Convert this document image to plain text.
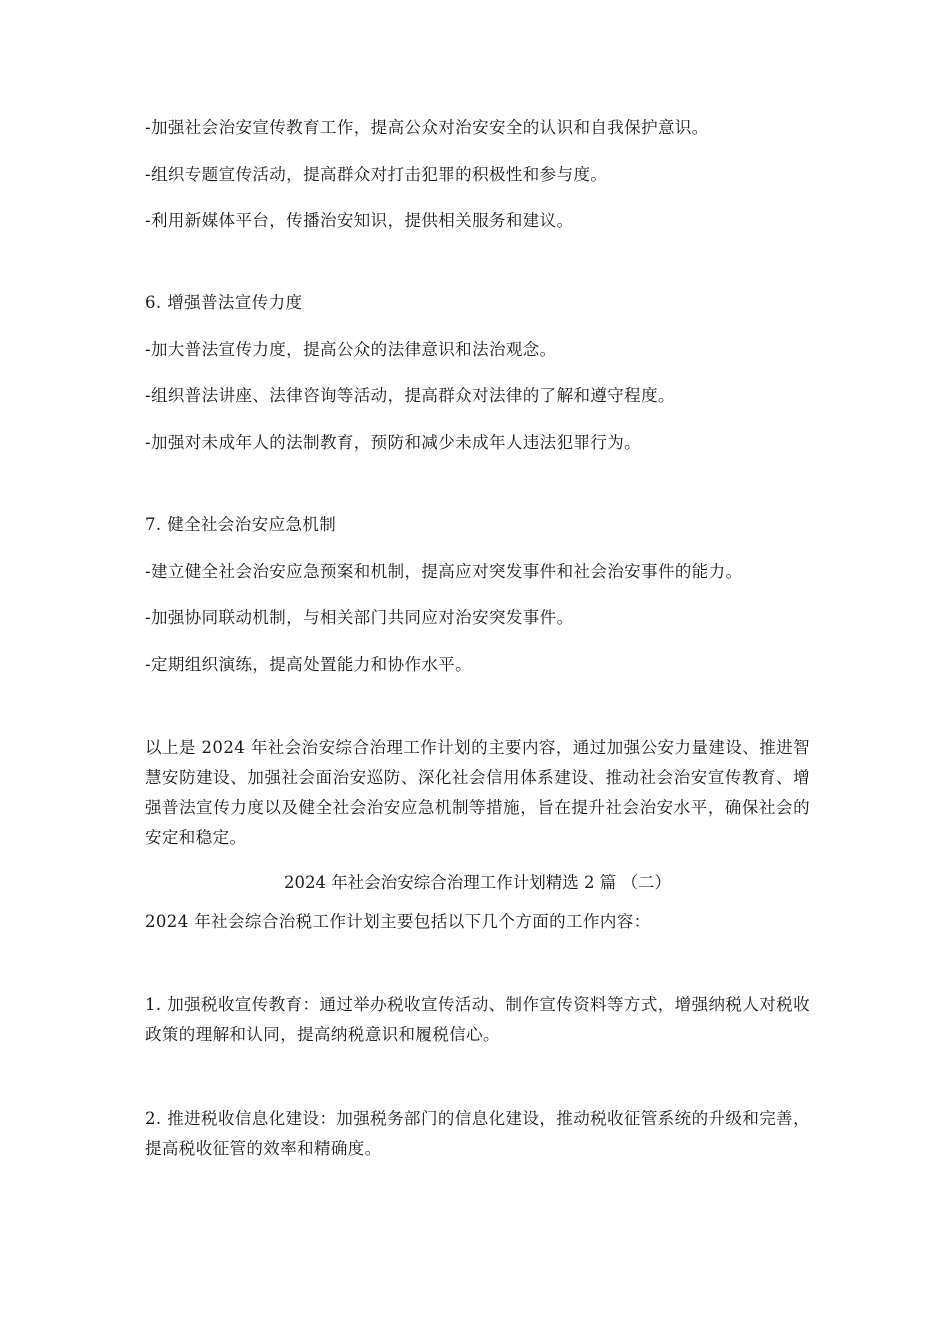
-加强社会治安宣传教育工作，提高公众对治安安全的认识和自我保护意识。
-组织专题宣传活动，提高群众对打击犯罪的积极性和参与度。
-利用新媒体平台，传播治安知识，提供相关服务和建议。
6. 增强普法宣传力度
-加大普法宣传力度，提高公众的法律意识和法治观念。
-组织普法讲座、法律咨询等活动，提高群众对法律的了解和遵守程度。
-加强对未成年人的法制教育，预防和减少未成年人违法犯罪行为。
7. 健全社会治安应急机制
-建立健全社会治安应急预案和机制，提高应对突发事件和社会治安事件的能力。
-加强协同联动机制，与相关部门共同应对治安突发事件。
-定期组织演练，提高处置能力和协作水平。
以上是 2024 年社会治安综合治理工作计划的主要内容，通过加强公安力量建设、推进智慧安防建设、加强社会面治安巡防、深化社会信用体系建设、推动社会治安宣传教育、增强普法宣传力度以及健全社会治安应急机制等措施，旨在提升社会治安水平，确保社会的安定和稳定。
2024 年社会治安综合治理工作计划精选 2 篇 （二）
2024 年社会综合治税工作计划主要包括以下几个方面的工作内容：
1. 加强税收宣传教育：通过举办税收宣传活动、制作宣传资料等方式，增强纳税人对税收政策的理解和认同，提高纳税意识和履税信心。
2. 推进税收信息化建设：加强税务部门的信息化建设，推动税收征管系统的升级和完善，提高税收征管的效率和精确度。
